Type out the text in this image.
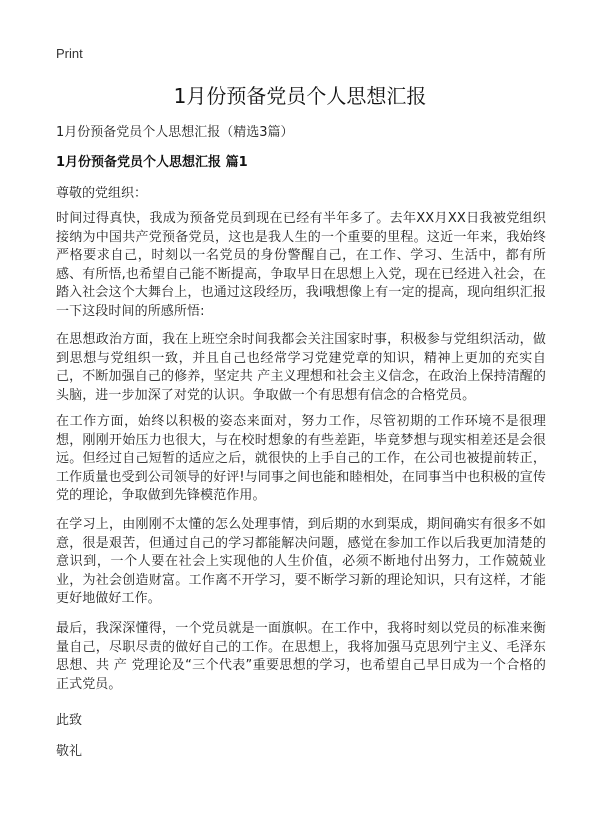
Print
1月份预备党员个人思想汇报
1月份预备党员个人思想汇报（精选3篇）
1月份预备党员个人思想汇报 篇1
尊敬的党组织：

时间过得真快，我成为预备党员到现在已经有半年多了。去年XX月XX日我被党组织接纳为中国共产党预备党员，这也是我人生的一个重要的里程。这近一年来，我始终严格要求自己，时刻以一名党员的身份警醒自己，在工作、学习、生活中，都有所感、有所悟,也希望自己能不断提高，争取早日在思想上入党，现在已经进入社会，在踏入社会这个大舞台上，也通过这段经历，我i哦想像上有一定的提高，现向组织汇报一下这段时间的所感所悟:

在思想政治方面，我在上班空余时间我都会关注国家时事，积极参与党组织活动，做到思想与党组织一致，并且自己也经常学习党建党章的知识，精神上更加的充实自己，不断加强自己的修养，坚定共 产主义理想和社会主义信念，在政治上保持清醒的头脑，进一步加深了对党的认识。争取做一个有思想有信念的合格党员。

在工作方面，始终以积极的姿态来面对，努力工作，尽管初期的工作环境不是很理想，刚刚开始压力也很大，与在校时想象的有些差距，毕竟梦想与现实相差还是会很远。但经过自己短暂的适应之后，就很快的上手自己的工作，在公司也被提前转正，工作质量也受到公司领导的好评!与同事之间也能和睦相处，在同事当中也积极的宣传党的理论，争取做到先锋模范作用。

在学习上，由刚刚不太懂的怎么处理事情，到后期的水到渠成，期间确实有很多不如意，很是艰苦，但通过自己的学习都能解决问题，感觉在参加工作以后我更加清楚的意识到，一个人要在社会上实现他的人生价值，必须不断地付出努力，工作兢兢业业，为社会创造财富。工作离不开学习，要不断学习新的理论知识，只有这样，才能更好地做好工作。

最后，我深深懂得，一个党员就是一面旗帜。在工作中，我将时刻以党员的标准来衡量自己，尽职尽责的做好自己的工作。在思想上，我将加强马克思列宁主义、毛泽东思想、共 产 党理论及“三个代表”重要思想的学习，也希望自己早日成为一个合格的正式党员。

此致
敬礼
